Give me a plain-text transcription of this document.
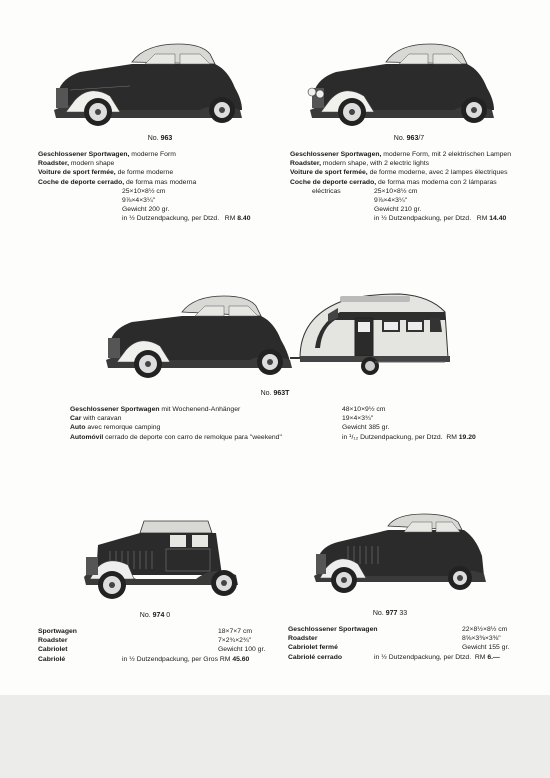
No. 963
Geschlossener Sportwagen, moderne Form
Roadster, modern shape
Voiture de sport fermée, de forme moderne
Coche de deporte cerrado, de forma mas moderna
25×10×8½ cm
9⅞×4×3¼"
Gewicht 200 gr.
in ½ Dutzendpackung, per Dtzd. RM 8.40
No. 963/7
Geschlossener Sportwagen, moderne Form, mit 2 elektrischen Lampen
Roadster, modern shape, with 2 electric lights
Voiture de sport fermée, de forme moderne, avec 2 lampes électriques
Coche de deporte cerrado, de forma mas moderna con 2 lámparas
eléctricas	25×10×8½ cm
9⅞×4×3¼"
Gewicht 210 gr.
in ½ Dutzendpackung, per Dtzd. RM 14.40
No. 963T
Geschlossener Sportwagen mit Wochenend-Anhänger
Car with caravan
Auto avec remorque camping
Automóvil cerrado de deporte con carro de remolque para "weekend"
48×10×9½ cm
19×4×3¾"
Gewicht 385 gr.
in ¹/₁₂ Dutzendpackung, per Dtzd. RM 19.20
No. 974 0
Sportwagen
Roadster
Cabriolet
Cabriolé
18×7×7 cm
7×2¾×2¾"
Gewicht 100 gr.
in ½ Dutzendpackung, per Gros RM 45.60
No. 977 33
Geschlossener Sportwagen
Roadster
Cabriolet fermé
Cabriolé cerrado
22×8½×8½ cm
8⅝×3⅜×3⅜"
Gewicht 155 gr.
in ½ Dutzendpackung, per Dtzd. RM 6.—
